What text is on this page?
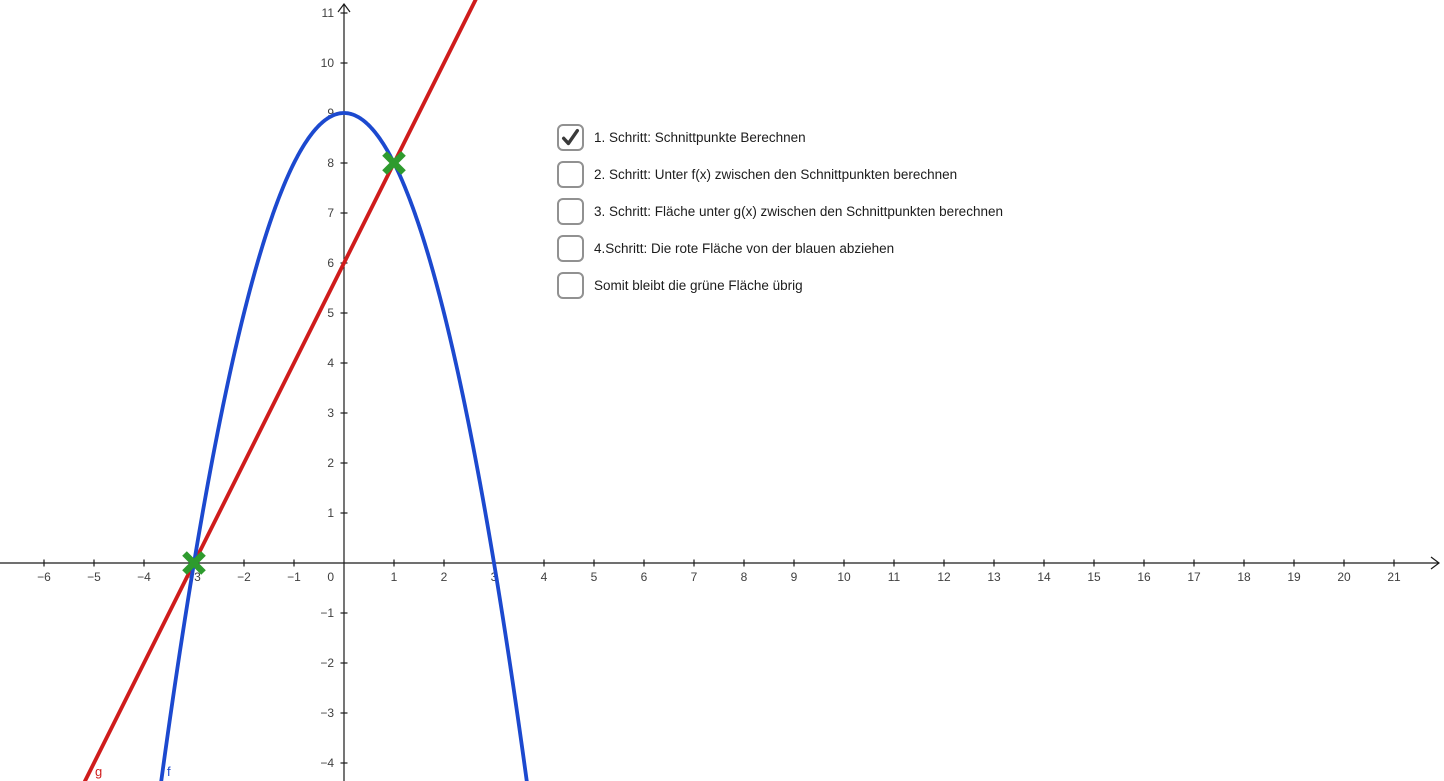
−6	−5	−4	−3	−2	−1	1	2	3	4	5	6	7	8	9	10	11	12	13	14	15	16	17	18	19	20	21
−4
−3
−2
−1
1
2
3
4
5
6
7
8
9
10
11
0
g	f
1. Schritt: Schnittpunkte Berechnen
2. Schritt: Unter f(x) zwischen den Schnittpunkten berechnen
3. Schritt: Fläche unter g(x) zwischen den Schnittpunkten berechnen
4.Schritt: Die rote Fläche von der blauen abziehen
Somit bleibt die grüne Fläche übrig
